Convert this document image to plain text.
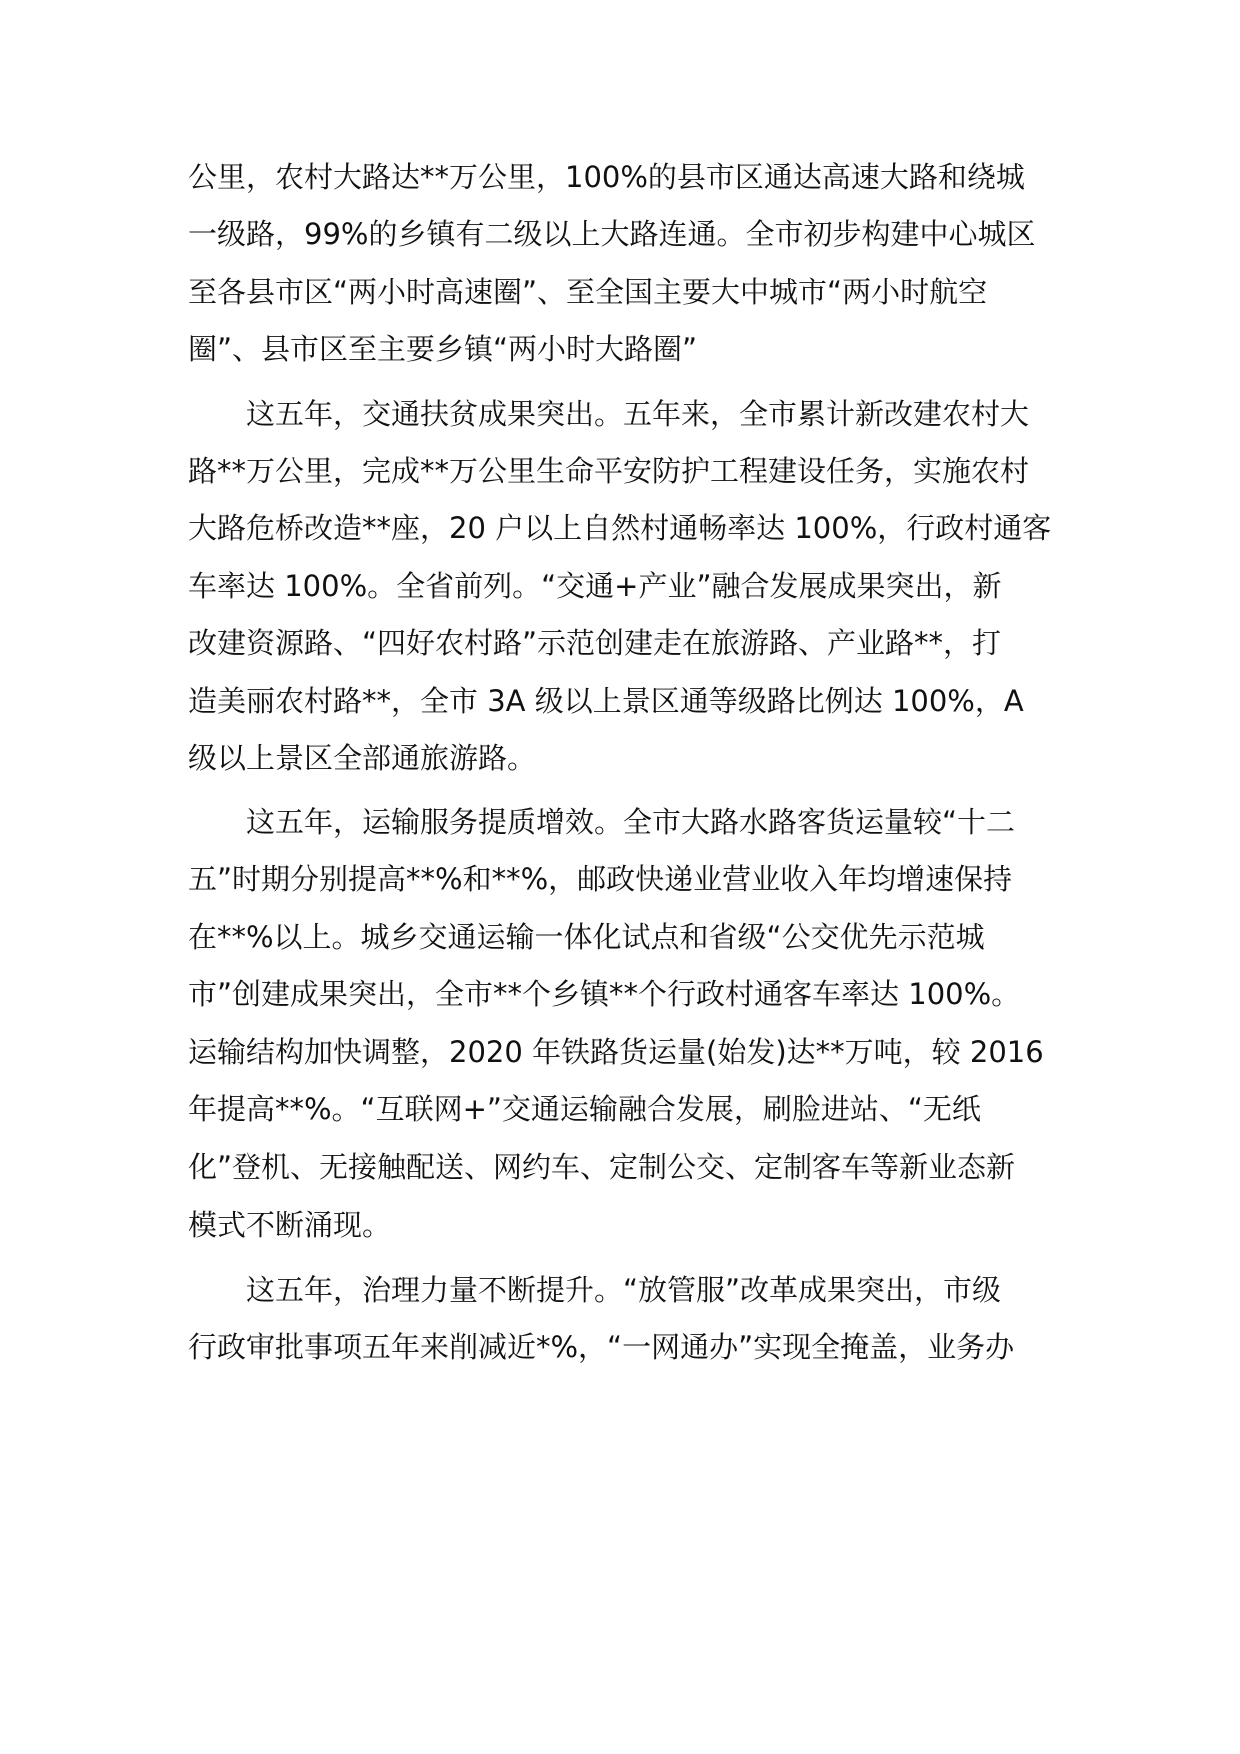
公里，农村大路达**万公里，100%的县市区通达高速大路和绕城

一级路，99%的乡镇有二级以上大路连通。全市初步构建中心城区

至各县市区“两小时高速圈”、至全国主要大中城市“两小时航空

圈”、县市区至主要乡镇“两小时大路圈”

这五年，交通扶贫成果突出。五年来，全市累计新改建农村大

路**万公里，完成**万公里生命平安防护工程建设任务，实施农村

大路危桥改造**座，20 户以上自然村通畅率达 100%，行政村通客

车率达 100%。全省前列。“交通+产业”融合发展成果突出，新

改建资源路、“四好农村路”示范创建走在旅游路、产业路**，打

造美丽农村路**，全市 3A 级以上景区通等级路比例达 100%，A

级以上景区全部通旅游路。

这五年，运输服务提质增效。全市大路水路客货运量较“十二

五”时期分别提高**%和**%，邮政快递业营业收入年均增速保持

在**%以上。城乡交通运输一体化试点和省级“公交优先示范城

市”创建成果突出，全市**个乡镇**个行政村通客车率达 100%。

运输结构加快调整，2020 年铁路货运量(始发)达**万吨，较 2016

年提高**%。“互联网+”交通运输融合发展，刷脸进站、“无纸

化”登机、无接触配送、网约车、定制公交、定制客车等新业态新

模式不断涌现。

这五年，治理力量不断提升。“放管服”改革成果突出，市级

行政审批事项五年来削减近*%，“一网通办”实现全掩盖，业务办
